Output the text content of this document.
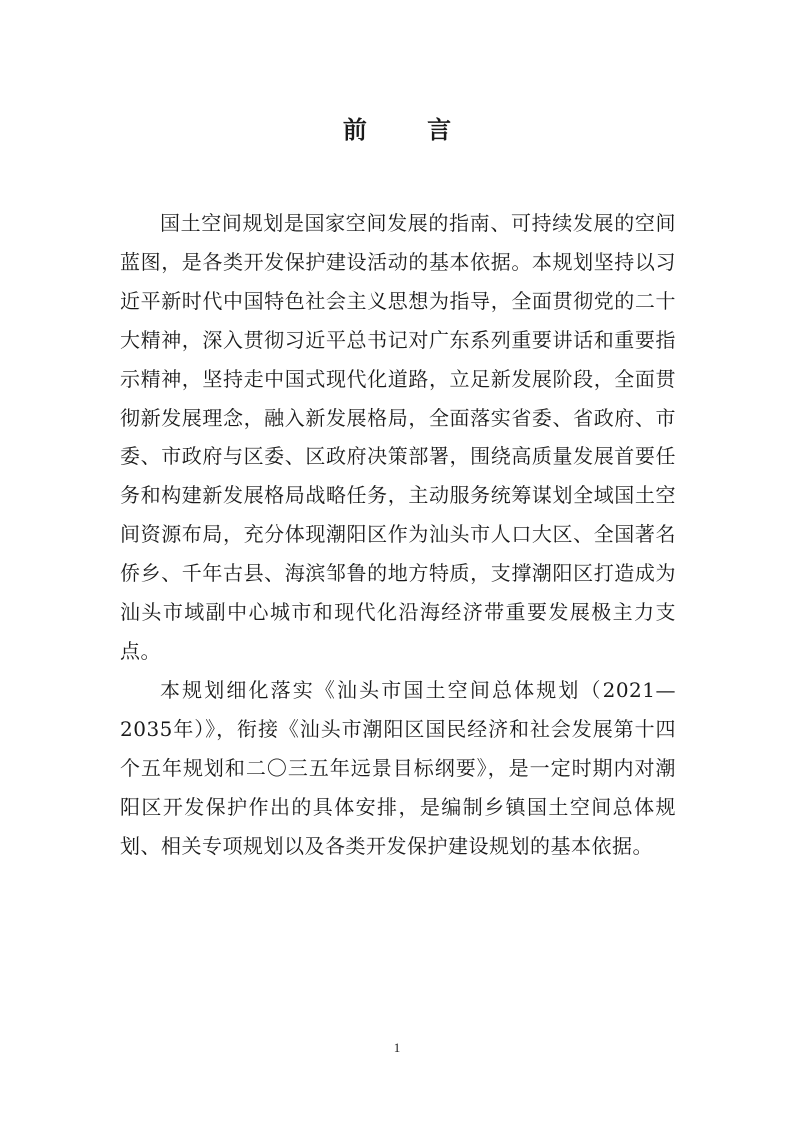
前 言

国土空间规划是国家空间发展的指南、可持续发展的空间蓝图，是各类开发保护建设活动的基本依据。本规划坚持以习近平新时代中国特色社会主义思想为指导，全面贯彻党的二十大精神，深入贯彻习近平总书记对广东系列重要讲话和重要指示精神，坚持走中国式现代化道路，立足新发展阶段，全面贯彻新发展理念，融入新发展格局，全面落实省委、省政府、市委、市政府与区委、区政府决策部署，围绕高质量发展首要任务和构建新发展格局战略任务，主动服务统筹谋划全域国土空间资源布局，充分体现潮阳区作为汕头市人口大区、全国著名侨乡、千年古县、海滨邹鲁的地方特质，支撑潮阳区打造成为汕头市域副中心城市和现代化沿海经济带重要发展极主力支点。

本规划细化落实《汕头市国土空间总体规划（2021—2035年）》，衔接《汕头市潮阳区国民经济和社会发展第十四个五年规划和二〇三五年远景目标纲要》，是一定时期内对潮阳区开发保护作出的具体安排，是编制乡镇国土空间总体规划、相关专项规划以及各类开发保护建设规划的基本依据。

1
